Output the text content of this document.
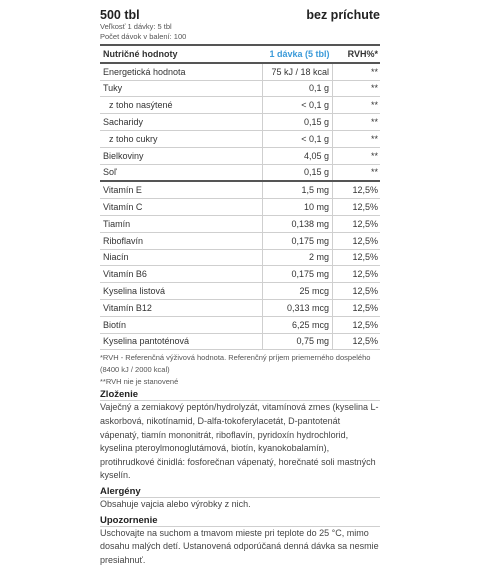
500 tbl	bez príchute
Veľkosť 1 dávky: 5 tbl
Počet dávok v balení: 100
Nutričné hodnoty	1 dávka (5 tbl)	RVH%*
Energetická hodnota	75 kJ / 18 kcal	**
Tuky	0,1 g	**
z toho nasýtené	< 0,1 g	**
Sacharidy	0,15 g	**
z toho cukry	< 0,1 g	**
Bielkoviny	4,05 g	**
Soľ	0,15 g	**
Vitamín E	1,5 mg	12,5%
Vitamín C	10 mg	12,5%
Tiamín	0,138 mg	12,5%
Riboflavín	0,175 mg	12,5%
Niacín	2 mg	12,5%
Vitamín B6	0,175 mg	12,5%
Kyselina listová	25 mcg	12,5%
Vitamín B12	0,313 mcg	12,5%
Biotín	6,25 mcg	12,5%
Kyselina pantoténová	0,75 mg	12,5%
*RVH - Referenčná výživová hodnota. Referenčný príjem priemerného dospelého
(8400 kJ / 2000 kcal)
**RVH nie je stanovené
Zloženie
Vaječný a zemiakový peptón/hydrolyzát, vitamínová zmes (kyselina L-askorbová, nikotínamid, D-alfa-tokoferylacetát, D-pantotenát vápenatý, tiamín mononitrát, riboflavín, pyridoxín hydrochlorid, kyselina pteroylmonoglutámová, biotín, kyanokobalamín), protihrudkové činidlá: fosforečnan vápenatý, horečnaté soli mastných kyselín.
Alergény
Obsahuje vajcia alebo výrobky z nich.
Upozornenie
Uschovajte na suchom a tmavom mieste pri teplote do 25 °C, mimo dosahu malých detí. Ustanovená odporúčaná denná dávka sa nesmie presiahnuť.
